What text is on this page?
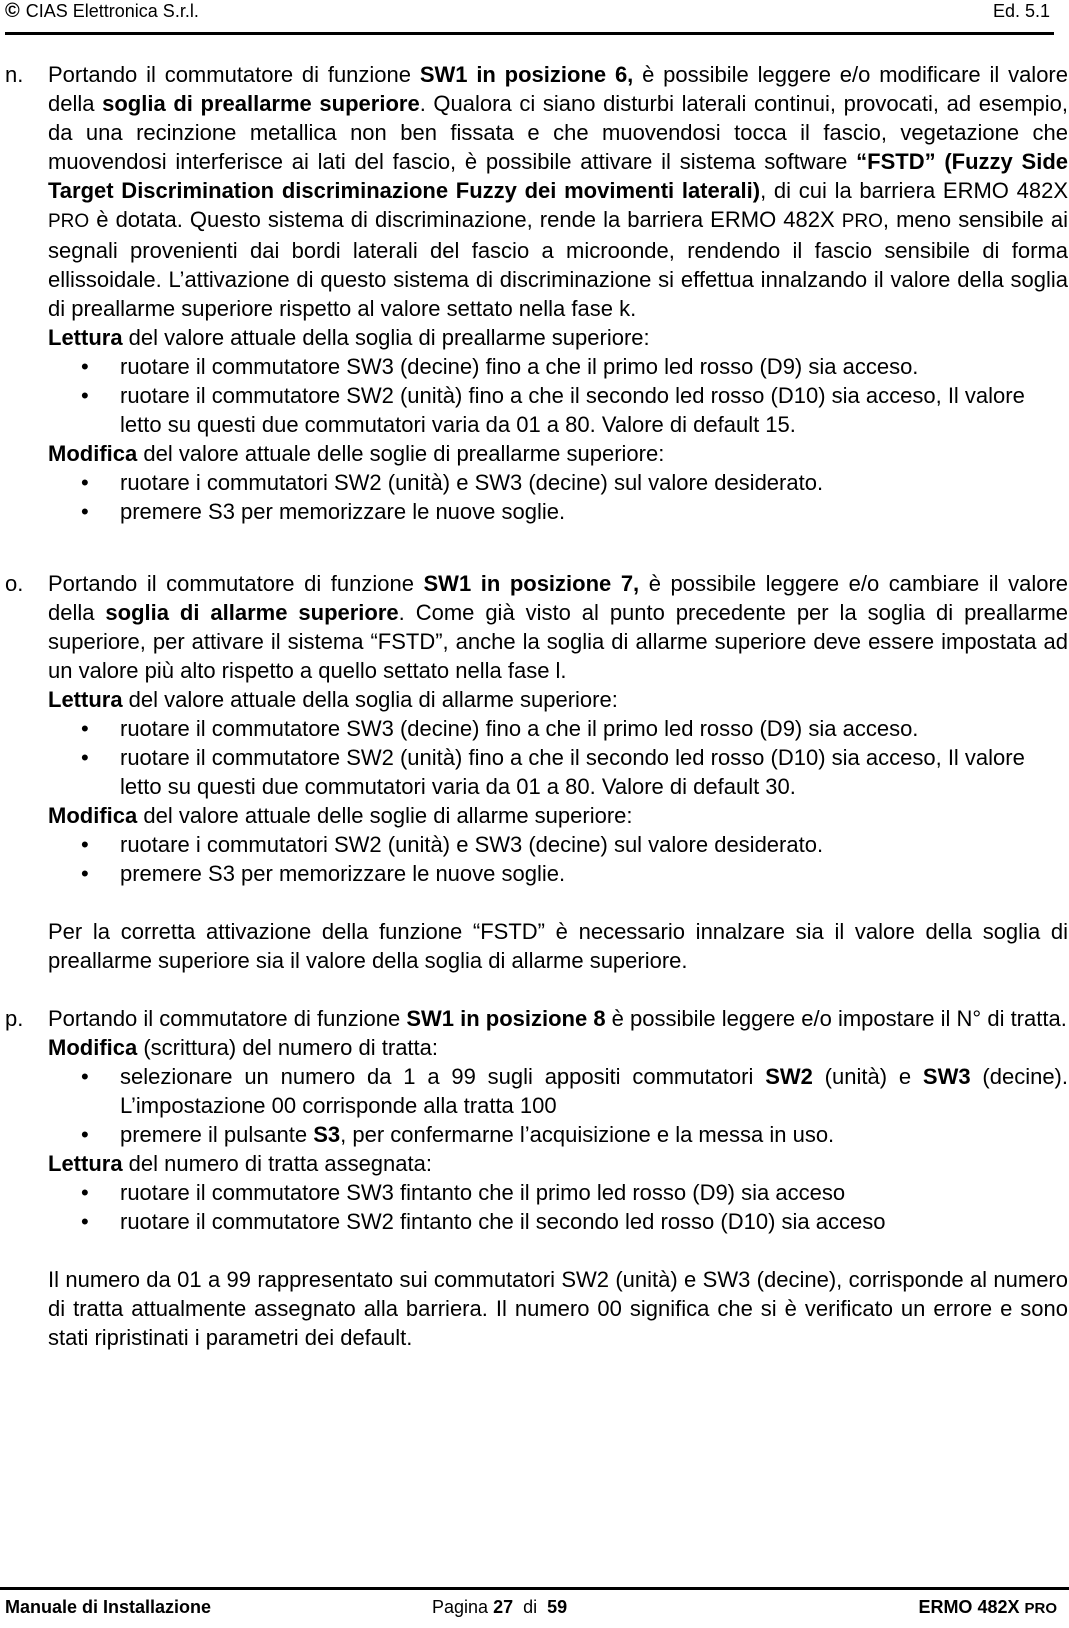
© CIAS Elettronica S.r.l.	Ed. 5.1
n. Portando il commutatore di funzione SW1 in posizione 6, è possibile leggere e/o modificare il valore della soglia di preallarme superiore. Qualora ci siano disturbi laterali continui, provocati, ad esempio, da una recinzione metallica non ben fissata e che muovendosi tocca il fascio, vegetazione che muovendosi interferisce ai lati del fascio, è possibile attivare il sistema software “FSTD” (Fuzzy Side Target Discrimination discriminazione Fuzzy dei movimenti laterali), di cui la barriera ERMO 482X PRO è dotata. Questo sistema di discriminazione, rende la barriera ERMO 482X PRO, meno sensibile ai segnali provenienti dai bordi laterali del fascio a microonde, rendendo il fascio sensibile di forma ellissoidale. L’attivazione di questo sistema di discriminazione si effettua innalzando il valore della soglia di preallarme superiore rispetto al valore settato nella fase k.

Lettura del valore attuale della soglia di preallarme superiore:

• ruotare il commutatore SW3 (decine) fino a che il primo led rosso (D9) sia acceso.
• ruotare il commutatore SW2 (unità) fino a che il secondo led rosso (D10) sia acceso, Il valore letto su questi due commutatori varia da 01 a 80. Valore di default 15.

Modifica del valore attuale delle soglie di preallarme superiore:

• ruotare i commutatori SW2 (unità) e SW3 (decine) sul valore desiderato.
• premere S3 per memorizzare le nuove soglie.
o. Portando il commutatore di funzione SW1 in posizione 7, è possibile leggere e/o cambiare il valore della soglia di allarme superiore. Come già visto al punto precedente per la soglia di preallarme superiore, per attivare il sistema “FSTD”, anche la soglia di allarme superiore deve essere impostata ad un valore più alto rispetto a quello settato nella fase l.

Lettura del valore attuale della soglia di allarme superiore:

• ruotare il commutatore SW3 (decine) fino a che il primo led rosso (D9) sia acceso.
• ruotare il commutatore SW2 (unità) fino a che il secondo led rosso (D10) sia acceso, Il valore letto su questi due commutatori varia da 01 a 80. Valore di default 30.

Modifica del valore attuale delle soglie di allarme superiore:

• ruotare i commutatori SW2 (unità) e SW3 (decine) sul valore desiderato.
• premere S3 per memorizzare le nuove soglie.

Per la corretta attivazione della funzione “FSTD” è necessario innalzare sia il valore della soglia di preallarme superiore sia il valore della soglia di allarme superiore.

p. Portando il commutatore di funzione SW1 in posizione 8 è possibile leggere e/o impostare il N° di tratta.

Modifica (scrittura) del numero di tratta:

• selezionare un numero da 1 a 99 sugli appositi commutatori SW2 (unità) e SW3 (decine). L’impostazione 00 corrisponde alla tratta 100
• premere il pulsante S3, per confermarne l’acquisizione e la messa in uso.

Lettura del numero di tratta assegnata:

• ruotare il commutatore SW3 fintanto che il primo led rosso (D9) sia acceso
• ruotare il commutatore SW2 fintanto che il secondo led rosso (D10) sia acceso

Il numero da 01 a 99 rappresentato sui commutatori SW2 (unità) e SW3 (decine), corrisponde al numero di tratta attualmente assegnato alla barriera. Il numero 00 significa che si è verificato un errore e sono stati ripristinati i parametri dei default.

Manuale di Installazione	Pagina 27  di  59	ERMO 482X PRO
